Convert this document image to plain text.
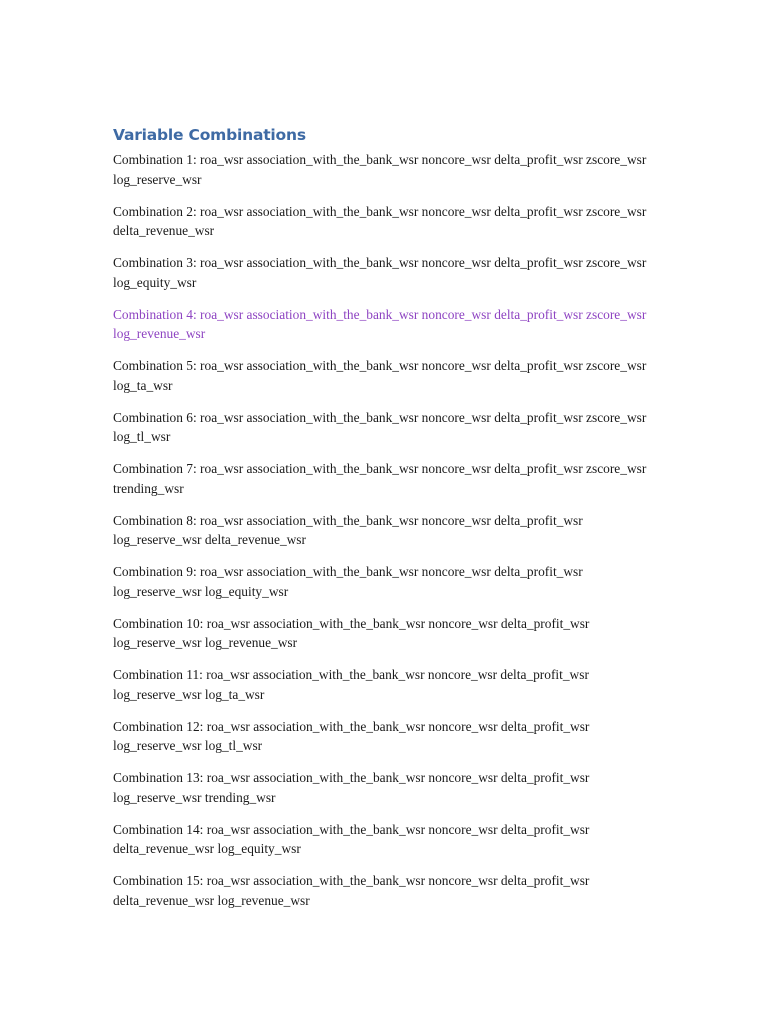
Variable Combinations
Combination 1: roa_wsr association_with_the_bank_wsr noncore_wsr delta_profit_wsr zscore_wsr log_reserve_wsr
Combination 2: roa_wsr association_with_the_bank_wsr noncore_wsr delta_profit_wsr zscore_wsr delta_revenue_wsr
Combination 3: roa_wsr association_with_the_bank_wsr noncore_wsr delta_profit_wsr zscore_wsr log_equity_wsr
Combination 4: roa_wsr association_with_the_bank_wsr noncore_wsr delta_profit_wsr zscore_wsr log_revenue_wsr
Combination 5: roa_wsr association_with_the_bank_wsr noncore_wsr delta_profit_wsr zscore_wsr log_ta_wsr
Combination 6: roa_wsr association_with_the_bank_wsr noncore_wsr delta_profit_wsr zscore_wsr log_tl_wsr
Combination 7: roa_wsr association_with_the_bank_wsr noncore_wsr delta_profit_wsr zscore_wsr trending_wsr
Combination 8: roa_wsr association_with_the_bank_wsr noncore_wsr delta_profit_wsr log_reserve_wsr delta_revenue_wsr
Combination 9: roa_wsr association_with_the_bank_wsr noncore_wsr delta_profit_wsr log_reserve_wsr log_equity_wsr
Combination 10: roa_wsr association_with_the_bank_wsr noncore_wsr delta_profit_wsr log_reserve_wsr log_revenue_wsr
Combination 11: roa_wsr association_with_the_bank_wsr noncore_wsr delta_profit_wsr log_reserve_wsr log_ta_wsr
Combination 12: roa_wsr association_with_the_bank_wsr noncore_wsr delta_profit_wsr log_reserve_wsr log_tl_wsr
Combination 13: roa_wsr association_with_the_bank_wsr noncore_wsr delta_profit_wsr log_reserve_wsr trending_wsr
Combination 14: roa_wsr association_with_the_bank_wsr noncore_wsr delta_profit_wsr delta_revenue_wsr log_equity_wsr
Combination 15: roa_wsr association_with_the_bank_wsr noncore_wsr delta_profit_wsr delta_revenue_wsr log_revenue_wsr
